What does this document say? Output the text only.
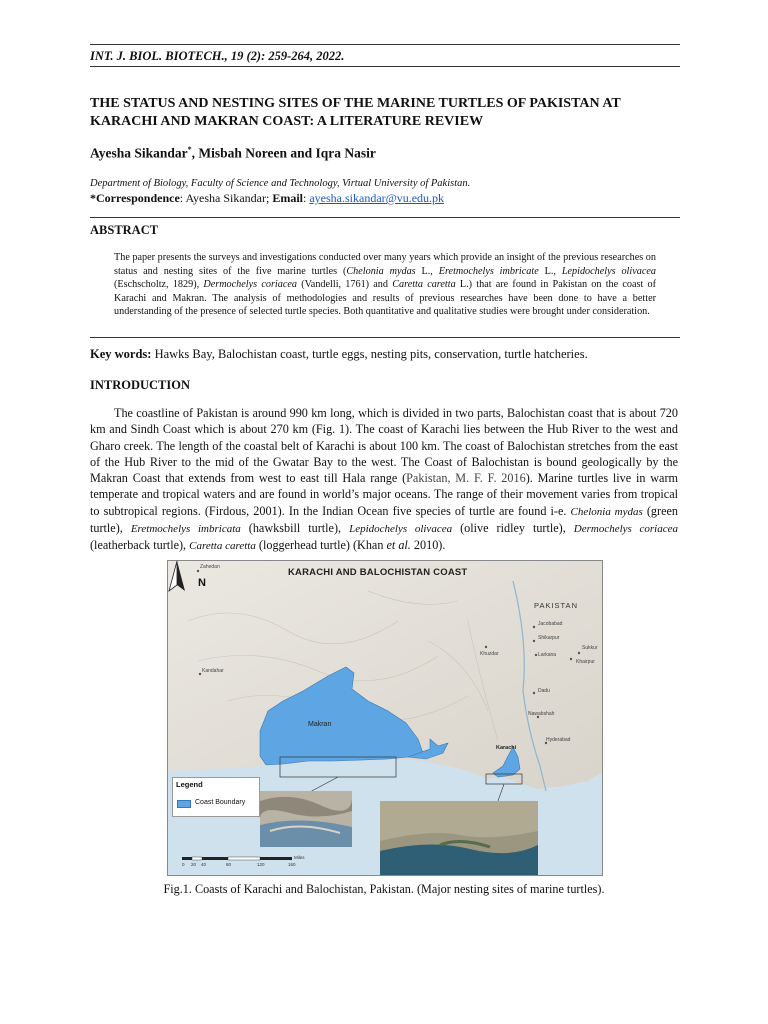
INT. J. BIOL. BIOTECH., 19 (2): 259-264, 2022.
THE STATUS AND NESTING SITES OF THE MARINE TURTLES OF PAKISTAN AT KARACHI AND MAKRAN COAST: A LITERATURE REVIEW
Ayesha Sikandar*, Misbah Noreen and Iqra Nasir
Department of Biology, Faculty of Science and Technology, Virtual University of Pakistan.
*Correspondence: Ayesha Sikandar; Email: ayesha.sikandar@vu.edu.pk
ABSTRACT
The paper presents the surveys and investigations conducted over many years which provide an insight of the previous researches on status and nesting sites of the five marine turtles (Chelonia mydas L., Eretmochelys imbricate L., Lepidochelys olivacea (Eschscholtz, 1829), Dermochelys coriacea (Vandelli, 1761) and Caretta caretta L.) that are found in Pakistan on the coast of Karachi and Makran. The analysis of methodologies and results of previous researches have been done to have a better understanding of the presence of selected turtle species. Both quantitative and qualitative studies were brought under consideration.
Key words: Hawks Bay, Balochistan coast, turtle eggs, nesting pits, conservation, turtle hatcheries.
INTRODUCTION
The coastline of Pakistan is around 990 km long, which is divided in two parts, Balochistan coast that is about 720 km and Sindh Coast which is about 270 km (Fig. 1). The coast of Karachi lies between the Hub River to the west and Gharo creek. The length of the coastal belt of Karachi is about 100 km. The coast of Balochistan stretches from the east of the Hub River to the mid of the Gwatar Bay to the west. The Coast of Balochistan is bound geologically by the Makran Coast that extends from west to east till Hala range (Pakistan, M. F. F. 2016). Marine turtles live in warm temperate and tropical waters and are found in world’s major oceans. The range of their movement varies from tropical to subtropical regions. (Firdous, 2001). In the Indian Ocean five species of turtle are found i-e. Chelonia mydas (green turtle), Eretmochelys imbricata (hawksbill turtle), Lepidochelys olivacea (olive ridley turtle), Dermochelys coriacea (leatherback turtle), Caretta caretta (loggerhead turtle) (Khan et al. 2010).
KARACHI AND BALOCHISTAN COAST
N
PAKISTAN
Makran
Karachi
Zahedan
Khuzdar
Jacobabad
Shikarpur
Larkana
Sukkur
Khairpur
Dadu
Nawabshah
Hyderabad
Kandahar
Legend
Coast Boundary
0 20 40	80	120	160
Miles
Fig.1. Coasts of Karachi and Balochistan, Pakistan. (Major nesting sites of marine turtles).
